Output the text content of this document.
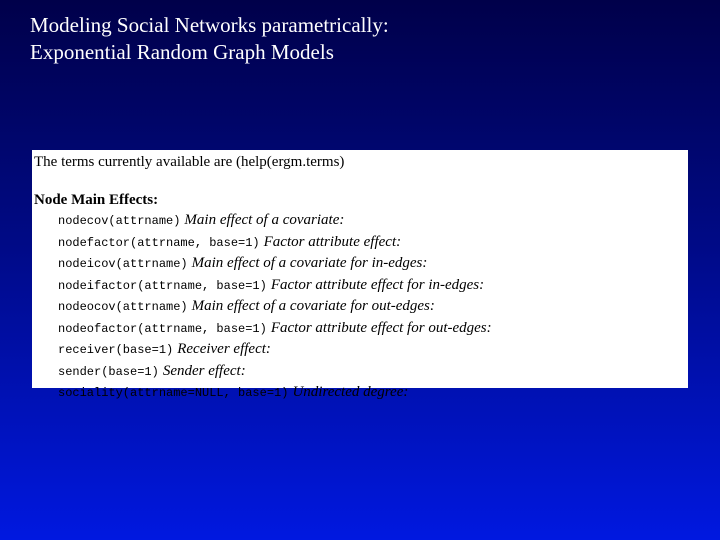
Modeling Social Networks parametrically:
Exponential Random Graph Models
The terms currently available are (help(ergm.terms)
Node Main Effects:
nodecov(attrname) Main effect of a covariate:
nodefactor(attrname, base=1) Factor attribute effect:
nodeicov(attrname) Main effect of a covariate for in-edges:
nodeifactor(attrname, base=1) Factor attribute effect for in-edges:
nodeocov(attrname) Main effect of a covariate for out-edges:
nodeofactor(attrname, base=1) Factor attribute effect for out-edges:
receiver(base=1) Receiver effect:
sender(base=1) Sender effect:
sociality(attrname=NULL, base=1) Undirected degree:
